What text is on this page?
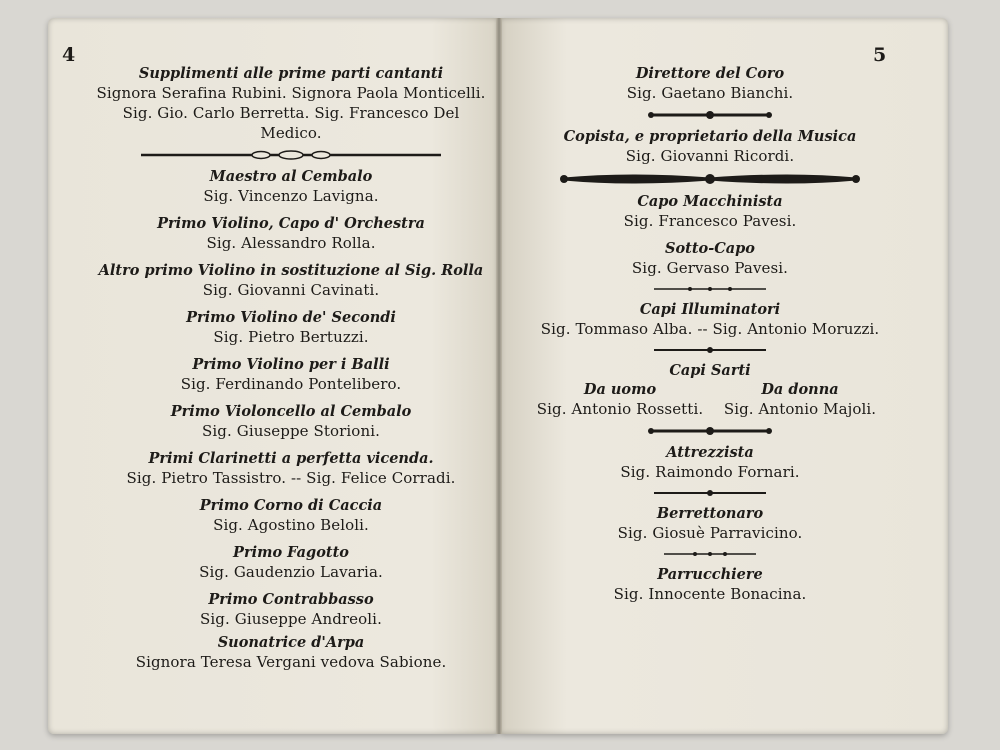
4	5

Supplimenti alle prime parti cantanti

Signora Serafina Rubini. Signora Paola Monticelli.

Sig. Gio. Carlo Berretta. Sig. Francesco Del Medico.

Maestro al Cembalo

Sig. Vincenzo Lavigna.

Primo Violino, Capo d' Orchestra

Sig. Alessandro Rolla.

Altro primo Violino in sostituzione al Sig. Rolla

Sig. Giovanni Cavinati.

Primo Violino de' Secondi

Sig. Pietro Bertuzzi.

Primo Violino per i Balli

Sig. Ferdinando Pontelibero.

Primo Violoncello al Cembalo

Sig. Giuseppe Storioni.

Primi Clarinetti a perfetta vicenda.

Sig. Pietro Tassistro. -- Sig. Felice Corradi.

Primo Corno di Caccia

Sig. Agostino Beloli.

Primo Fagotto

Sig. Gaudenzio Lavaria.

Primo Contrabbasso

Sig. Giuseppe Andreoli.

Suonatrice d'Arpa

Signora Teresa Vergani vedova Sabione.

Direttore del Coro

Sig. Gaetano Bianchi.

Copista, e proprietario della Musica

Sig. Giovanni Ricordi.

Capo Macchinista

Sig. Francesco Pavesi.

Sotto-Capo

Sig. Gervaso Pavesi.

Capi Illuminatori

Sig. Tommaso Alba. -- Sig. Antonio Moruzzi.

Capi Sarti

Da uomo

Sig. Antonio Rossetti.

Da donna

Sig. Antonio Majoli.

Attrezzista

Sig. Raimondo Fornari.

Berrettonaro

Sig. Giosuè Parravicino.

Parrucchiere

Sig. Innocente Bonacina.
